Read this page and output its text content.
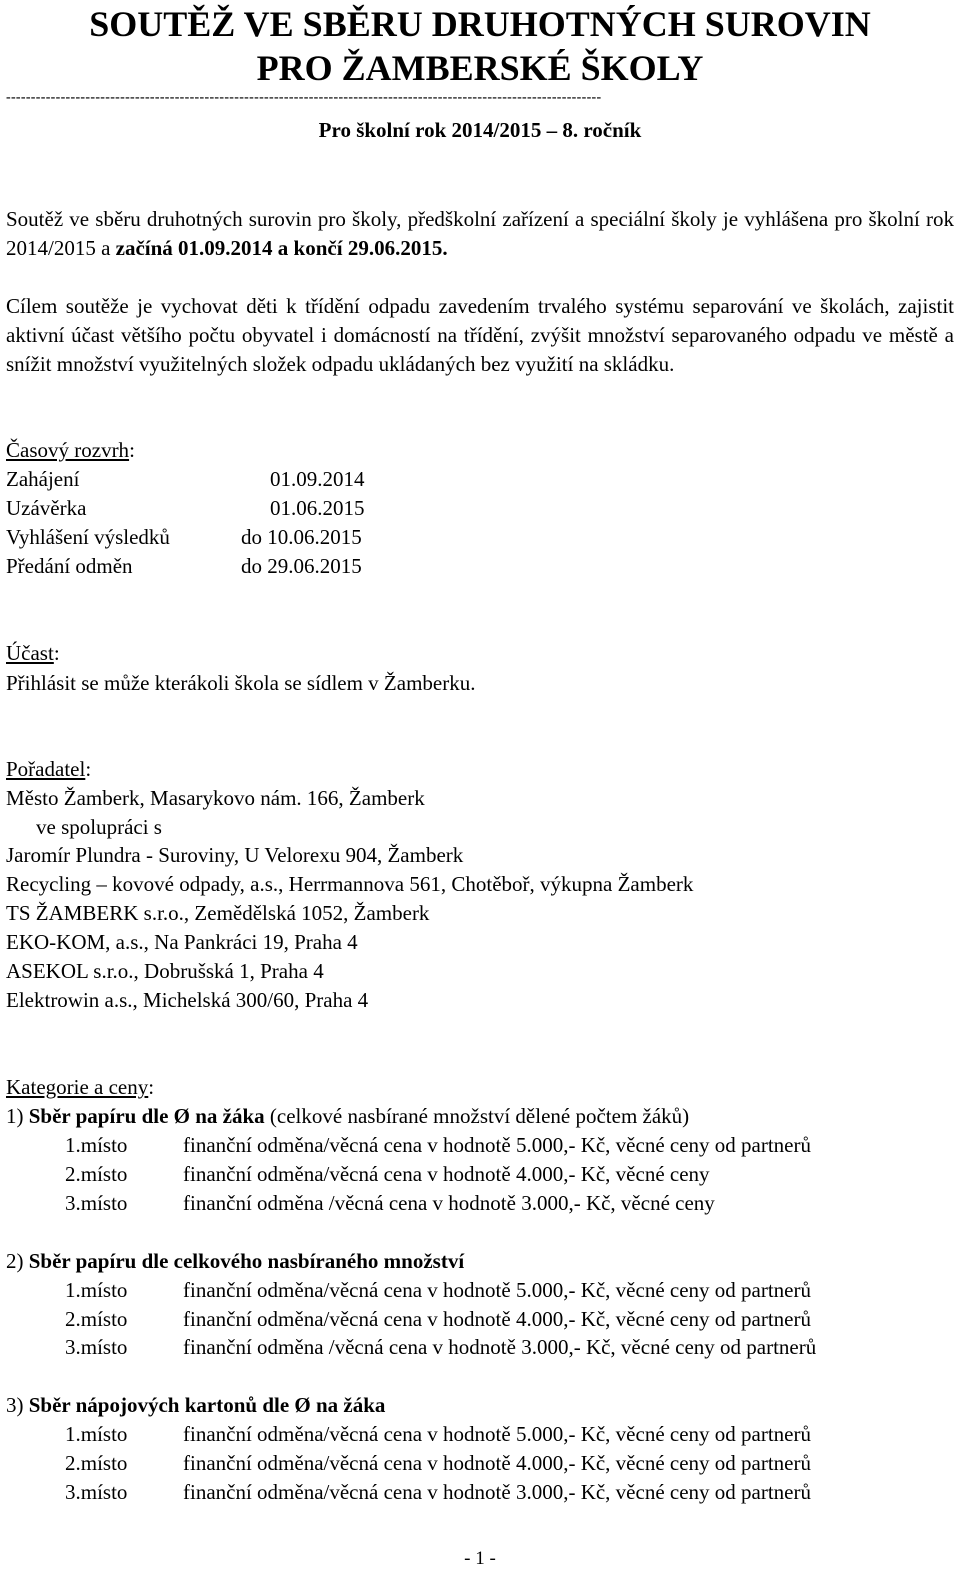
SOUTĚŽ VE SBĚRU DRUHOTNÝCH SUROVIN
PRO ŽAMBERSKÉ ŠKOLY
------------------------------------------------------------------------------------------------------------------------
Pro školní rok 2014/2015 – 8. ročník
Soutěž ve sběru druhotných surovin pro školy, předškolní zařízení a speciální školy je vyhlášena pro školní rok 2014/2015 a začíná 01.09.2014 a končí 29.06.2015.
Cílem soutěže je vychovat děti k třídění odpadu zavedením trvalého systému separování ve školách, zajistit aktivní účast většího počtu obyvatel i domácností na třídění, zvýšit množství separovaného odpadu ve městě a snížit množství využitelných složek odpadu ukládaných bez využití na skládku.
Časový rozvrh:
Zahájení	01.09.2014
Uzávěrka	01.06.2015
Vyhlášení výsledků	do 10.06.2015
Předání odměn	do 29.06.2015
Účast:
Přihlásit se může kterákoli škola se sídlem v Žamberku.
Pořadatel:
Město Žamberk, Masarykovo nám. 166, Žamberk
ve spolupráci s
Jaromír Plundra - Suroviny, U Velorexu 904, Žamberk
Recycling – kovové odpady, a.s., Herrmannova 561, Chotěboř, výkupna Žamberk
TS ŽAMBERK s.r.o., Zemědělská 1052, Žamberk
EKO-KOM, a.s., Na Pankráci 19, Praha 4
ASEKOL s.r.o., Dobrušská 1, Praha 4
Elektrowin a.s., Michelská 300/60, Praha 4
Kategorie a ceny:
1) Sběr papíru dle Ø na žáka (celkové nasbírané množství dělené počtem žáků)
1.místo	finanční odměna/věcná cena v hodnotě 5.000,- Kč, věcné ceny od partnerů
2.místo	finanční odměna/věcná cena v hodnotě 4.000,- Kč, věcné ceny
3.místo	finanční odměna /věcná cena v hodnotě 3.000,- Kč, věcné ceny
2) Sběr papíru dle celkového nasbíraného množství
1.místo	finanční odměna/věcná cena v hodnotě 5.000,- Kč, věcné ceny od partnerů
2.místo	finanční odměna/věcná cena v hodnotě 4.000,- Kč, věcné ceny od partnerů
3.místo	finanční odměna /věcná cena v hodnotě 3.000,- Kč, věcné ceny od partnerů
3) Sběr nápojových kartonů dle Ø na žáka
1.místo	finanční odměna/věcná cena v hodnotě 5.000,- Kč, věcné ceny od partnerů
2.místo	finanční odměna/věcná cena v hodnotě 4.000,- Kč, věcné ceny od partnerů
3.místo	finanční odměna/věcná cena v hodnotě 3.000,- Kč, věcné ceny od partnerů
- 1 -
